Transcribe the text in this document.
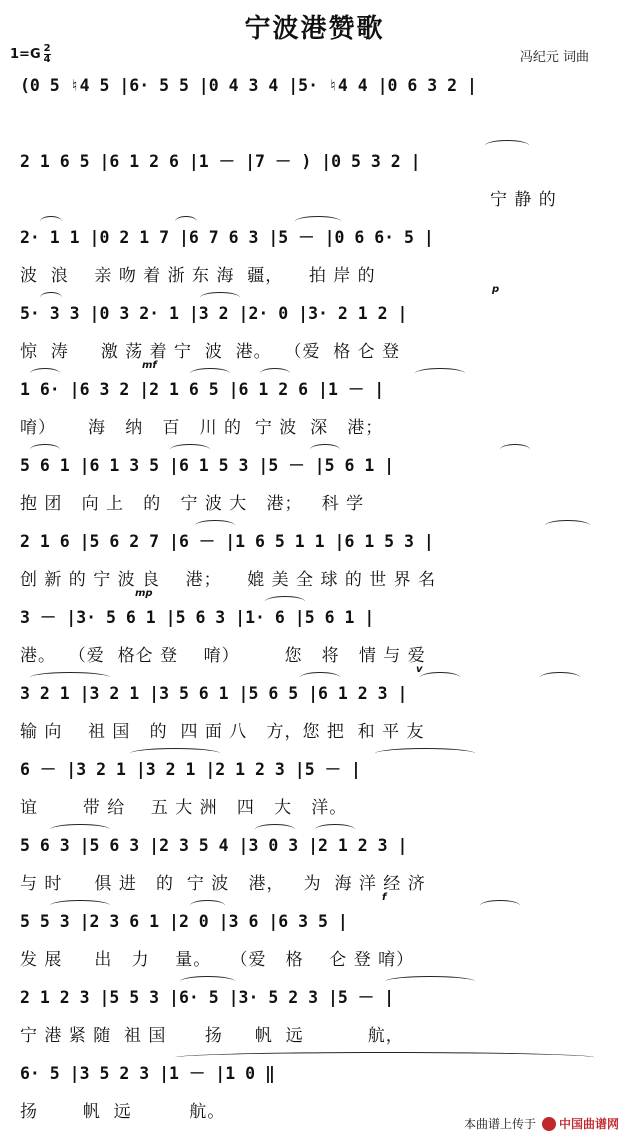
宁波港赞歌
1=G 2
4	冯纪元 词曲
(0 5 ♮4 5 |6· 5 5 |0 4 3 4 |5· ♮4 4 |0 6 3 2 |
2 1 6 5 |6 1 2 6 |1 － |7 － ) |0 5 3 2 |
宁 静 的
2· 1 1 |0 2 1 7 |6 7 6 3 |5 － |0 6 6· 5 |
波  浪    亲 吻 着 浙 东 海  疆，    拍 岸 的
5· 3 3 |0 3 2· 1 |3 2 |2· 0 |3· 2 1 2 |
惊  涛     激 荡 着 宁  波  港。  （爱  格 仑 登
p
1 6· |6 3 2 |2 1 6 5 |6 1 2 6 |1 － |
唷）     海   纳   百   川 的  宁 波  深   港；
mf
5 6 1 |6 1 3 5 |6 1 5 3 |5 － |5 6 1 |
抱 团   向 上   的   宁 波 大   港；   科 学
2 1 6 |5 6 2 7 |6 － |1 6 5 1 1 |6 1 5 3 |
创 新 的 宁 波 良    港；    媲 美 全 球 的 世 界 名
3 － |3· 5 6 1 |5 6 3 |1· 6 |5 6 1 |
港。  （爱  格仑 登    唷）       您   将   情 与 爱
mp
3 2 1 |3 2 1 |3 5 6 1 |5 6 5 |6 1 2 3 |
输 向    祖 国   的  四 面 八   方，您 把  和 平 友
v
6 － |3 2 1 |3 2 1 |2 1 2 3 |5 － |
谊       带 给    五 大 洲   四   大   洋。
5 6 3 |5 6 3 |2 3 5 4 |3 0 3 |2 1 2 3 |
与 时     俱 进   的  宁 波   港，   为  海 洋 经 济
5 5 3 |2 3 6 1 |2 0 |3 6 |6 3 5 |
发 展     出   力    量。   （爱   格    仑 登 唷）
f
2 1 2 3 |5 5 3 |6· 5 |3· 5 2 3 |5 － |
宁 港 紧 随  祖 国      扬     帆  远          航，
6· 5 |3 5 2 3 |1 － |1 0 ‖
扬       帆  远         航。
本曲谱上传于 中国曲谱网
